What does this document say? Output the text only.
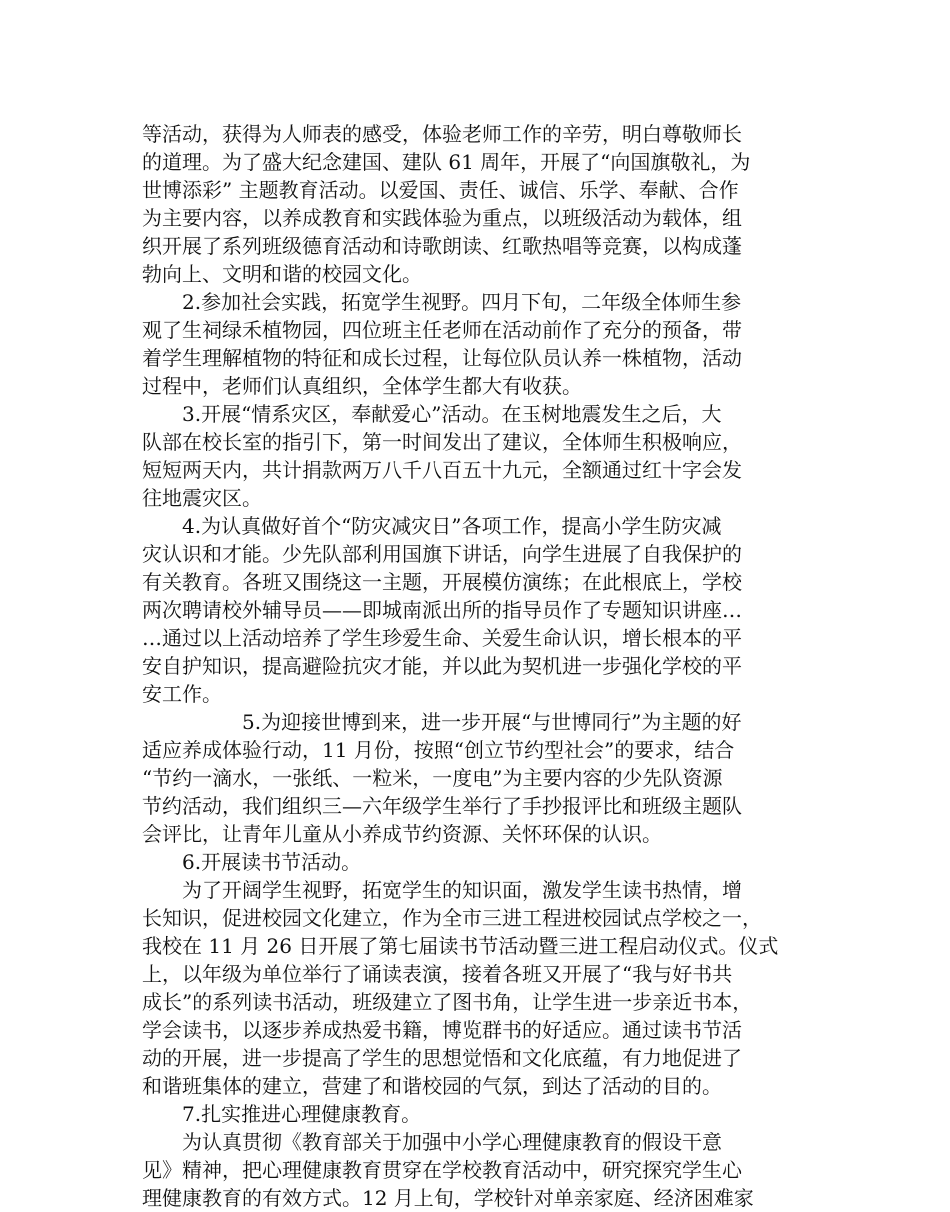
等活动，获得为人师表的感受，体验老师工作的辛劳，明白尊敬师长
的道理。为了盛大纪念建国、建队 61 周年，开展了“向国旗敬礼，为
世博添彩” 主题教育活动。以爱国、责任、诚信、乐学、奉献、合作
为主要内容，以养成教育和实践体验为重点，以班级活动为载体，组
织开展了系列班级德育活动和诗歌朗读、红歌热唱等竞赛，以构成蓬
勃向上、文明和谐的校园文化。
2.参加社会实践，拓宽学生视野。四月下旬，二年级全体师生参
观了生祠绿禾植物园，四位班主任老师在活动前作了充分的预备，带
着学生理解植物的特征和成长过程，让每位队员认养一株植物，活动
过程中，老师们认真组织，全体学生都大有收获。
3.开展“情系灾区，奉献爱心”活动。在玉树地震发生之后，大
队部在校长室的指引下，第一时间发出了建议，全体师生积极响应，
短短两天内，共计捐款两万八千八百五十九元，全额通过红十字会发
往地震灾区。
4.为认真做好首个“防灾减灾日”各项工作，提高小学生防灾减
灾认识和才能。少先队部利用国旗下讲话，向学生进展了自我保护的
有关教育。各班又围绕这一主题，开展模仿演练；在此根底上，学校
两次聘请校外辅导员——即城南派出所的指导员作了专题知识讲座…
…通过以上活动培养了学生珍爱生命、关爱生命认识，增长根本的平
安自护知识，提高避险抗灾才能，并以此为契机进一步强化学校的平
安工作。
5.为迎接世博到来，进一步开展“与世博同行”为主题的好
适应养成体验行动，11 月份，按照“创立节约型社会”的要求，结合
“节约一滴水，一张纸、一粒米，一度电”为主要内容的少先队资源
节约活动，我们组织三—六年级学生举行了手抄报评比和班级主题队
会评比，让青年儿童从小养成节约资源、关怀环保的认识。
6.开展读书节活动。
为了开阔学生视野，拓宽学生的知识面，激发学生读书热情，增
长知识，促进校园文化建立，作为全市三进工程进校园试点学校之一，
我校在 11 月 26 日开展了第七届读书节活动暨三进工程启动仪式。仪式
上，以年级为单位举行了诵读表演，接着各班又开展了“我与好书共
成长”的系列读书活动，班级建立了图书角，让学生进一步亲近书本，
学会读书，以逐步养成热爱书籍，博览群书的好适应。通过读书节活
动的开展，进一步提高了学生的思想觉悟和文化底蕴，有力地促进了
和谐班集体的建立，营建了和谐校园的气氛，到达了活动的目的。
7.扎实推进心理健康教育。
为认真贯彻《教育部关于加强中小学心理健康教育的假设干意
见》精神，把心理健康教育贯穿在学校教育活动中，研究探究学生心
理健康教育的有效方式。12 月上旬，学校针对单亲家庭、经济困难家
